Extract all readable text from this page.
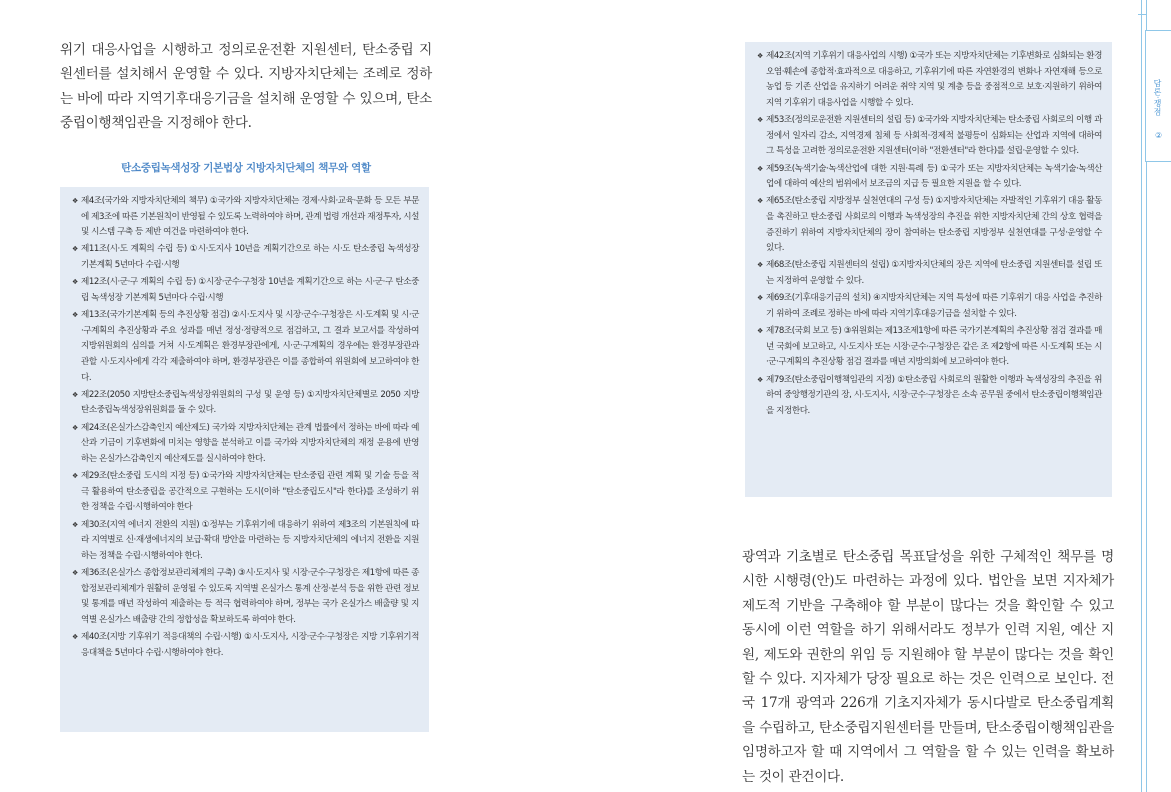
위기 대응사업을 시행하고 정의로운전환 지원센터, 탄소중립 지원센터를 설치해서 운영할 수 있다. 지방자치단체는 조례로 정하는 바에 따라 지역기후대응기금을 설치해 운영할 수 있으며, 탄소중립이행책임관을 지정해야 한다.
탄소중립녹색성장 기본법상 지방자치단체의 책무와 역할
❖ 제4조(국가와 지방자치단체의 책무) ①국가와 지방자치단체는 경제·사회·교육·문화 등 모든 부문에 제3조에 따른 기본원칙이 반영될 수 있도록 노력하여야 하며, 관계 법령 개선과 재정투자, 시설 및 시스템 구축 등 제반 여건을 마련하여야 한다.
❖ 제11조(시·도 계획의 수립 등) ①시·도지사 10년을 계획기간으로 하는 시·도 탄소중립 녹색성장 기본계획 5년마다 수립·시행
❖ 제12조(시·군·구 계획의 수립 등) ①시장·군수·구청장 10년을 계획기간으로 하는 시·군·구 탄소중립 녹색성장 기본계획 5년마다 수립·시행
❖ 제13조(국가기본계획 등의 추진상황 점검) ②시·도지사 및 시장·군수·구청장은 시·도계획 및 시·군·구계획의 추진상황과 주요 성과를 매년 정성·정량적으로 점검하고, 그 결과 보고서를 작성하여 지방위원회의 심의를 거쳐 시·도계획은 환경부장관에게, 시·군·구계획의 경우에는 환경부장관과 관할 시·도지사에게 각각 제출하여야 하며, 환경부장관은 이를 종합하여 위원회에 보고하여야 한다.
❖ 제22조(2050 지방탄소중립녹색성장위원회의 구성 및 운영 등) ①지방자치단체별로 2050 지방탄소중립녹색성장위원회를 둘 수 있다.
❖ 제24조(온실가스감축인지 예산제도) 국가와 지방자치단체는 관계 법률에서 정하는 바에 따라 예산과 기금이 기후변화에 미치는 영향을 분석하고 이를 국가와 지방자치단체의 재정 운용에 반영하는 온실가스감축인지 예산제도를 실시하여야 한다.
❖ 제29조(탄소중립 도시의 지정 등) ①국가와 지방자치단체는 탄소중립 관련 계획 및 기술 등을 적극 활용하여 탄소중립을 공간적으로 구현하는 도시(이하 "탄소중립도시"라 한다)를 조성하기 위한 정책을 수립·시행하여야 한다
❖ 제30조(지역 에너지 전환의 지원) ①정부는 기후위기에 대응하기 위하여 제3조의 기본원칙에 따라 지역별로 신·재생에너지의 보급·확대 방안을 마련하는 등 지방자치단체의 에너지 전환을 지원하는 정책을 수립·시행하여야 한다.
❖ 제36조(온실가스 종합정보관리체계의 구축) ③시·도지사 및 시장·군수·구청장은 제1항에 따른 종합정보관리체계가 원활히 운영될 수 있도록 지역별 온실가스 통계 산정·분석 등을 위한 관련 정보 및 통계를 매년 작성하여 제출하는 등 적극 협력하여야 하며, 정부는 국가 온실가스 배출량 및 지역별 온실가스 배출량 간의 정합성을 확보하도록 하여야 한다.
❖ 제40조(지방 기후위기 적응대책의 수립·시행) ①시·도지사, 시장·군수·구청장은 지방 기후위기적응대책을 5년마다 수립·시행하여야 한다.
❖ 제42조(지역 기후위기 대응사업의 시행) ①국가 또는 지방자치단체는 기후변화로 심화되는 환경오염·훼손에 종합적·효과적으로 대응하고, 기후위기에 따른 자연환경의 변화나 자연재해 등으로 농업 등 기존 산업을 유지하기 어려운 취약 지역 및 계층 등을 중점적으로 보호·지원하기 위하여 지역 기후위기 대응사업을 시행할 수 있다.
❖ 제53조(정의로운전환 지원센터의 설립 등) ①국가와 지방자치단체는 탄소중립 사회로의 이행 과정에서 일자리 감소, 지역경제 침체 등 사회적·경제적 불평등이 심화되는 산업과 지역에 대하여 그 특성을 고려한 정의로운전환 지원센터(이하 "전환센터"라 한다)를 설립·운영할 수 있다.
❖ 제59조(녹색기술·녹색산업에 대한 지원·특례 등) ①국가 또는 지방자치단체는 녹색기술·녹색산업에 대하여 예산의 범위에서 보조금의 지급 등 필요한 지원을 할 수 있다.
❖ 제65조(탄소중립 지방정부 실천연대의 구성 등) ①지방자치단체는 자발적인 기후위기 대응 활동을 촉진하고 탄소중립 사회로의 이행과 녹색성장의 추진을 위한 지방자치단체 간의 상호 협력을 증진하기 위하여 지방자치단체의 장이 참여하는 탄소중립 지방정부 실천연대를 구성·운영할 수 있다.
❖ 제68조(탄소중립 지원센터의 설립) ①지방자치단체의 장은 지역에 탄소중립 지원센터를 설립 또는 지정하여 운영할 수 있다.
❖ 제69조(기후대응기금의 설치) ④지방자치단체는 지역 특성에 따른 기후위기 대응 사업을 추진하기 위하여 조례로 정하는 바에 따라 지역기후대응기금을 설치할 수 있다.
❖ 제78조(국회 보고 등) ③위원회는 제13조제1항에 따른 국가기본계획의 추진상황 점검 결과를 매년 국회에 보고하고, 시·도지사 또는 시장·군수·구청장은 같은 조 제2항에 따른 시·도계획 또는 시·군·구계획의 추진상황 점검 결과를 매년 지방의회에 보고하여야 한다.
❖ 제79조(탄소중립이행책임관의 지정) ①탄소중립 사회로의 원활한 이행과 녹색성장의 추진을 위하여 중앙행정기관의 장, 시·도지사, 시장·군수·구청장은 소속 공무원 중에서 탄소중립이행책임관을 지정한다.
광역과 기초별로 탄소중립 목표달성을 위한 구체적인 책무를 명시한 시행령(안)도 마련하는 과정에 있다. 법안을 보면 지자체가 제도적 기반을 구축해야 할 부분이 많다는 것을 확인할 수 있고 동시에 이런 역할을 하기 위해서라도 정부가 인력 지원, 예산 지원, 제도와 권한의 위임 등 지원해야 할 부분이 많다는 것을 확인할 수 있다. 지자체가 당장 필요로 하는 것은 인력으로 보인다. 전국 17개 광역과 226개 기초지자체가 동시다발로 탄소중립계획을 수립하고, 탄소중립지원센터를 만들며, 탄소중립이행책임관을 임명하고자 할 때 지역에서 그 역할을 할 수 있는 인력을 확보하는 것이 관건이다.
담론·쟁점
②
